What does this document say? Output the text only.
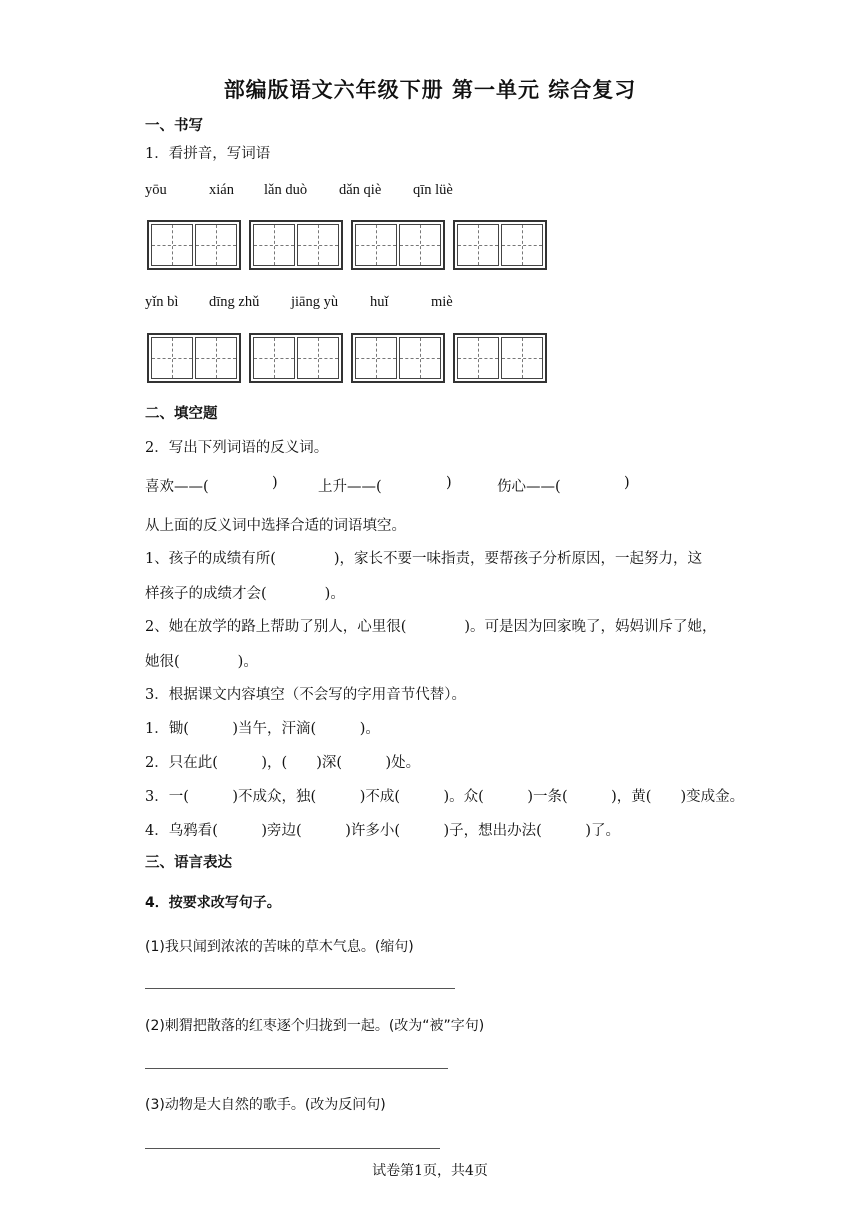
部编版语文六年级下册 第一单元 综合复习
一、书写
1．看拼音，写词语
yōu	xián lǎn duò dǎn qiè qīn lüè
yǐn bì dīng zhǔ jiāng yù huǐ	miè
二、填空题
2．写出下列词语的反义词。
喜欢——(	)	上升——(	)	伤心——(	)
从上面的反义词中选择合适的词语填空。
1、孩子的成绩有所(　　　　)，家长不要一味指责，要帮孩子分析原因，一起努力，这
样孩子的成绩才会(　　　　)。
2、她在放学的路上帮助了别人，心里很(　　　　)。可是因为回家晚了，妈妈训斥了她，
她很(　　　　)。
3．根据课文内容填空（不会写的字用音节代替）。
1．锄(　　　)当午，汗滴(　　　)。
2．只在此(　　　)，(　　)深(　　　)处。
3．一(　　　)不成众，独(　　　)不成(　　　)。众(　　　)一条(　　　)，黄(　　)变成金。
4．乌鸦看(　　　)旁边(　　　)许多小(　　　)子，想出办法(　　　)了。
三、语言表达
4．按要求改写句子。
(1)我只闻到浓浓的苦味的草木气息。(缩句)
(2)刺猬把散落的红枣逐个归拢到一起。(改为“被”字句)
(3)动物是大自然的歌手。(改为反问句)
试卷第1页，共4页
